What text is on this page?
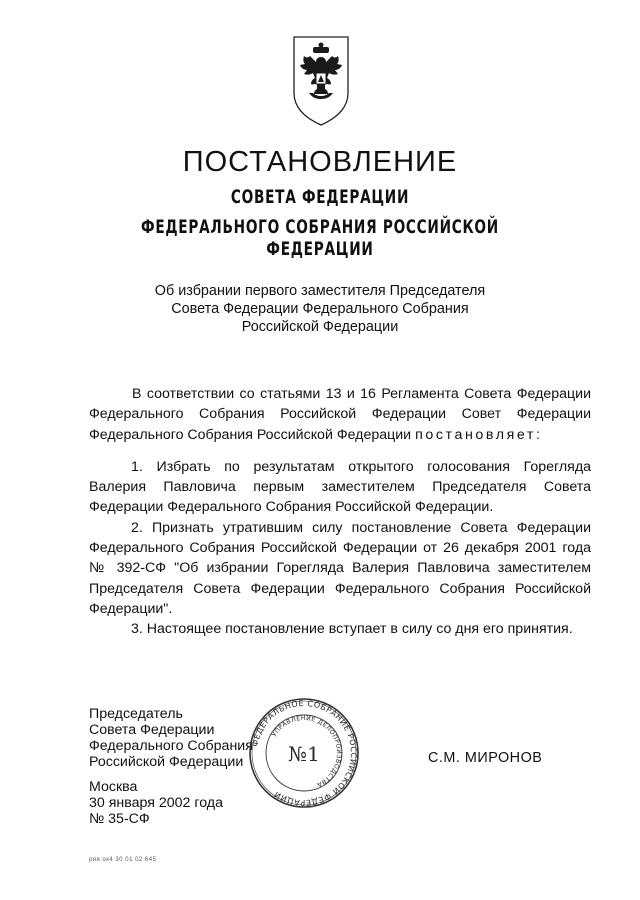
ПОСТАНОВЛЕНИЕ
СОВЕТА ФЕДЕРАЦИИ
ФЕДЕРАЛЬНОГО СОБРАНИЯ РОССИЙСКОЙ ФЕДЕРАЦИИ
Об избрании первого заместителя Председателя
Совета Федерации Федерального Собрания
Российской Федерации

В соответствии со статьями 13 и 16 Регламента Совета Федерации Федерального Собрания Российской Федерации Совет Федерации Федерального Собрания Российской Федерации постановляет:

1. Избрать по результатам открытого голосования Горегляда Валерия Павловича первым заместителем Председателя Совета Федерации Федерального Собрания Российской Федерации.

2. Признать утратившим силу постановление Совета Федерации Федерального Собрания Российской Федерации от 26 декабря 2001 года № 392-СФ "Об избрании Горегляда Валерия Павловича заместителем Председателя Совета Федерации Федерального Собрания Российской Федерации".

3. Настоящее постановление вступает в силу со дня его принятия.

Председатель
Совета Федерации
Федерального Собрания
Российской Федерации	С.М. МИРОНОВ
Москва
30 января 2002 года
№ 35-СФ
ФЕДЕРАЛЬНОЕ СОБРАНИЕ РОССИЙСКОЙ ФЕДЕРАЦИИ
УПРАВЛЕНИЕ ДЕЛОПРОИЗВОДСТВА
№1
ряя ок4 30 01 02 645
